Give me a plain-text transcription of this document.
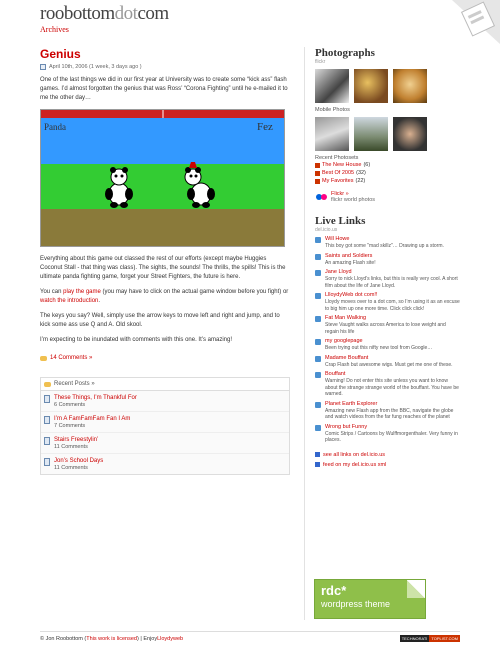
roobottomdotcom
Archives
Genius
April 10th, 2006 (1 week, 3 days ago )
One of the last things we did in our first year at University was to create some “kick ass” flash games. I’d almost forgotten the genius that was Ross’ “Corona Fighting” until he e-mailed it to me the other day…
Panda	Fez
Everything about this game out classed the rest of our efforts (except maybe Huggies Coconut Stall - that thing was class). The sights, the sounds! The thrills, the spills! This is the ultimate panda fighting game, forget your Street Fighters, the future is here.
You can play the game (you may have to click on the actual game window before you fight) or watch the introduction.
The keys you say? Well, simply use the arrow keys to move left and right and jump, and to kick some ass use Q and A. Old skool.
I’m expecting to be inundated with comments with this one. It’s amazing!
14 Comments »
Recent Posts »
These Things, I’m Thankful For
6 Comments
I’m A FamFamFam Fan I Am
7 Comments
Stairs Freestylin’
11 Comments
Jon’s School Days
11 Comments
Photographs
flickr
Mobile Photos
Recent Photosets
The New House (6)
Best Of 2005 (32)
My Favorites (22)
Flickr »
flickr world photos
Live Links
del.icio.us
Will Howe
This boy got some "mad skillz"… Drawing up a storm.
Saints and Soldiers
An amazing Flash site!
Jane Lloyd
Sorry to nick Lloyd’s links, but this is really very cool. A short film about the life of Jane Lloyd.
LlloydyWeb dot com!!
Lloydy moves over to a dot com, so I’m using it as an excuse to big him up one more time. Click click click!
Fat Man Walking
Steve Vaught walks across America to lose weight and regain his life
my googlepage
Been trying out this nifty new tool from Google…
Madame Bouffant
Crap Flash but awesome wigs. Must get me one of these.
Bouffant
Warning! Do not enter this site unless you want to know about the strange strange world of the bouffant. You have be warned.
Planet Earth Explorer
Amazing new Flash app from the BBC, navigate the globe and watch videos from the far fung reaches of the planet
Wrong but Funny
Comic Strips / Cartoons by Wulffmorgenthaler. Very funny in places.
see all links on del.icio.us
feed on my del.icio.us xml
rdc*
wordpress theme
© Jon Roobottom ( This work is licensed ) | Enjoy Lloydyweb	TECHNORATI	TOPLIST.COM
